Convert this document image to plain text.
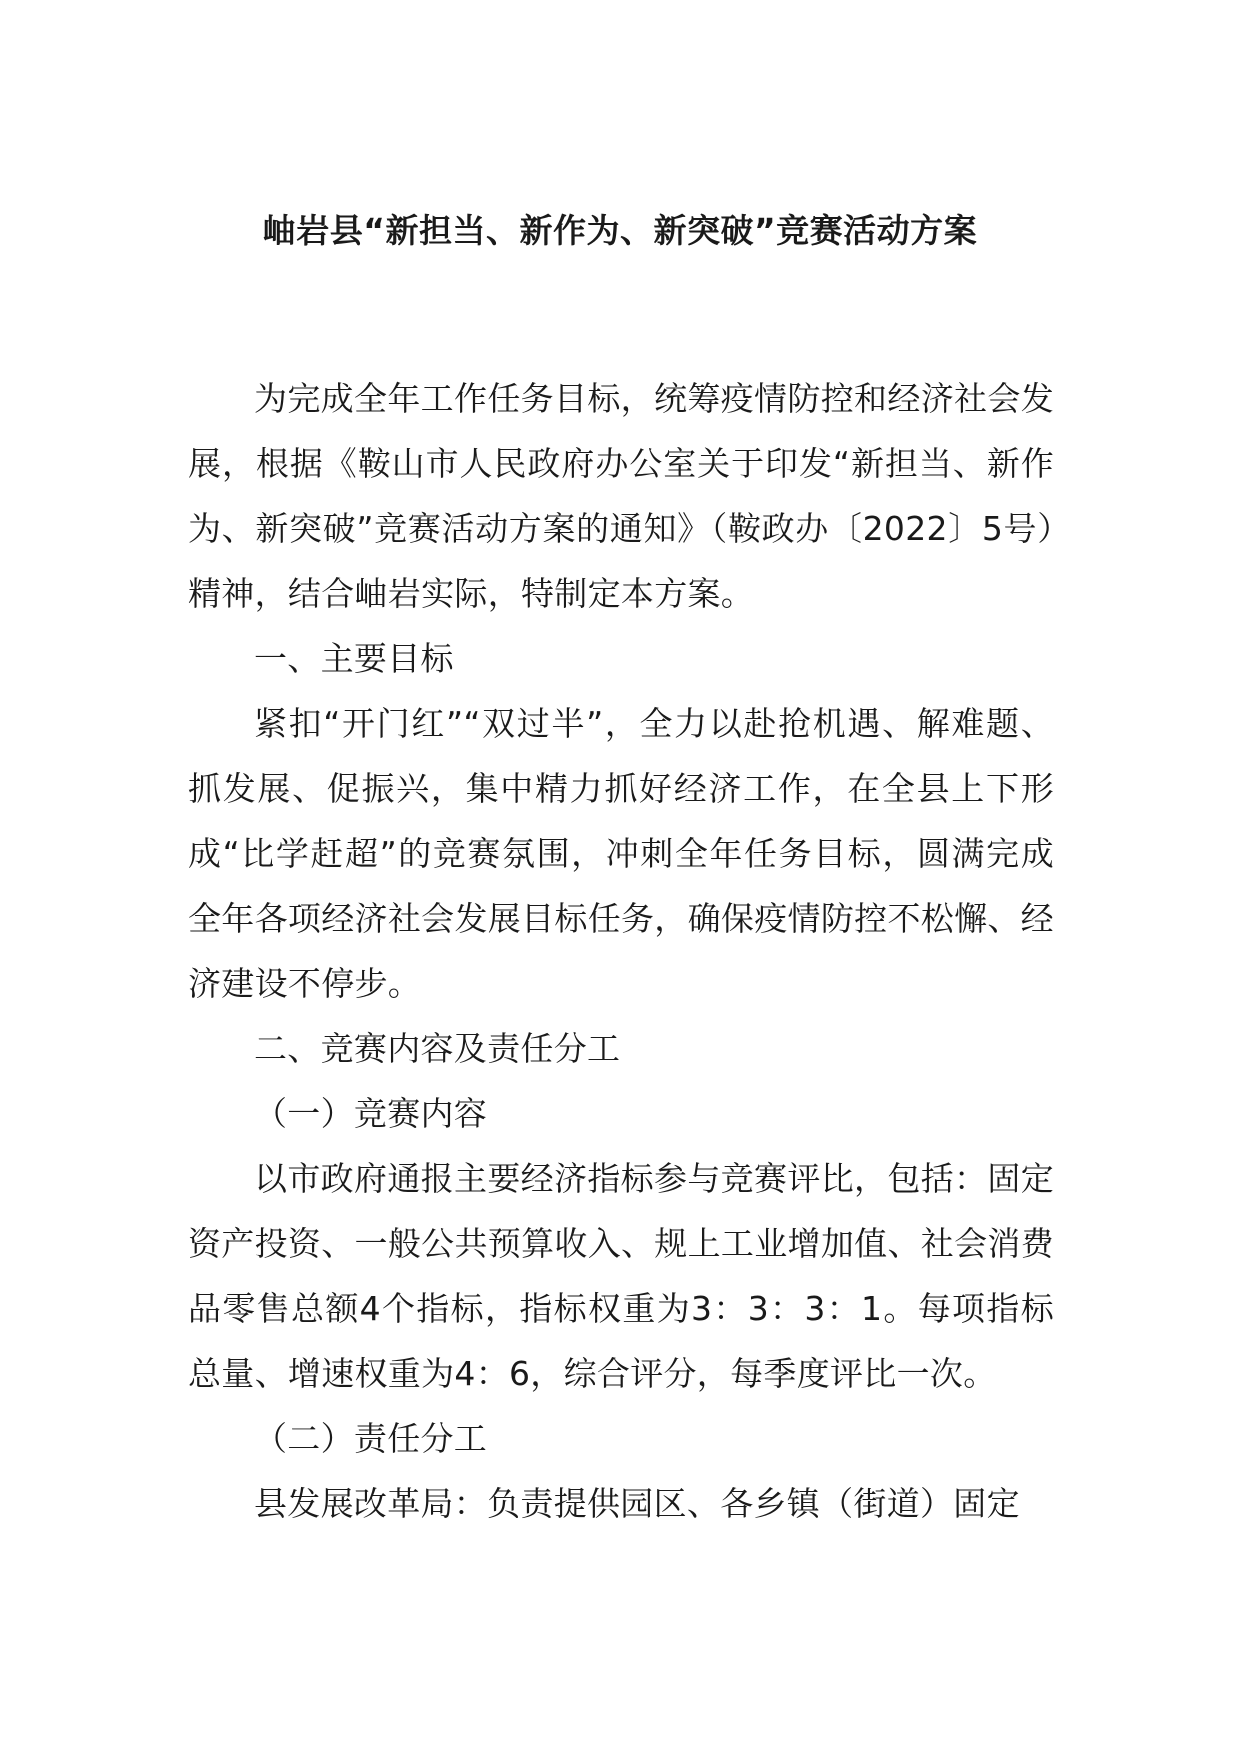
岫岩县“新担当、新作为、新突破”竞赛活动方案

为完成全年工作任务目标，统筹疫情防控和经济社会发展，根据《鞍山市人民政府办公室关于印发“新担当、新作为、新突破”竞赛活动方案的通知》（鞍政办〔2022〕5号）精神，结合岫岩实际，特制定本方案。

一、主要目标

紧扣“开门红”“双过半”，全力以赴抢机遇、解难题、抓发展、促振兴，集中精力抓好经济工作，在全县上下形成“比学赶超”的竞赛氛围，冲刺全年任务目标，圆满完成全年各项经济社会发展目标任务，确保疫情防控不松懈、经济建设不停步。

二、竞赛内容及责任分工

（一）竞赛内容

以市政府通报主要经济指标参与竞赛评比，包括：固定资产投资、一般公共预算收入、规上工业增加值、社会消费品零售总额4个指标，指标权重为3：3：3：1。每项指标总量、增速权重为4：6，综合评分，每季度评比一次。

（二）责任分工

县发展改革局：负责提供园区、各乡镇（街道）固定
